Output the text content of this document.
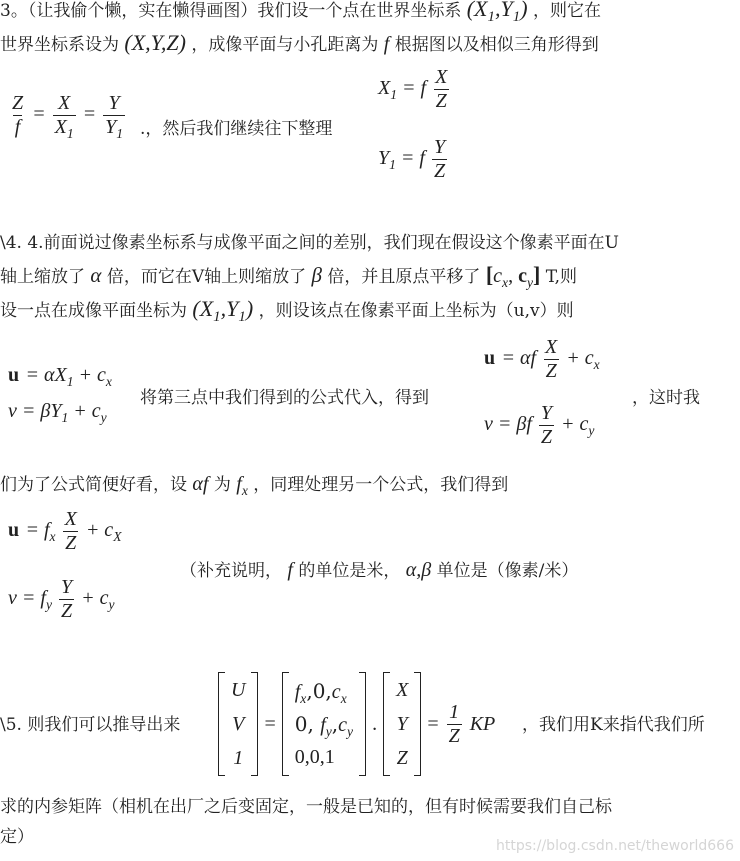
3。（让我偷个懒，实在懒得画图）我们设一个点在世界坐标系 $(X_1,Y_1)$ ，则它在
世界坐标系设为 (X,Y,Z) ，成像平面与小孔距离为 f 根据图以及相似三角形得到
$\frac{Z}{f} = \frac{X}{X_1} = \frac{Y}{Y_1}$ .，然后我们继续往下整理
$X_1 = f \frac{X}{Z}$
$Y_1 = f \frac{Y}{Z}$
\4. 4.前面说过像素坐标系与成像平面之间的差别，我们现在假设这个像素平面在U
轴上缩放了 α 倍，而它在V轴上则缩放了 β 倍，并且原点平移了 [$c_x$, $c_y$] T,则
设一点在成像平面坐标为 $(X_1,Y_1)$ ，则设该点在像素平面上坐标为（u,v）则
$u = \alpha X_1 + c_x$
$v = \beta Y_1 + c_y$
将第三点中我们得到的公式代入，得到
u = αf $\frac{X}{Z} + c_x$
v = βf $\frac{Y}{Z} + c_y$
，这时我
们为了公式简便好看，设 αf 为 $f_x$ ，同理处理另一个公式，我们得到
$u = f_x \frac{X}{Z} + c_X$
$v = f_y \frac{Y}{Z} + c_y$
（补充说明， f 的单位是米， α,β 单位是（像素/米）
\5. 则我们可以推导出来
U
V
1
=
$f_x,0,c_x$
0, $f_y,c_y$
0,0,1
.
X
Y
Z
= $\frac{1}{Z}$ KP ，我们用K来指代我们所
求的内参矩阵（相机在出厂之后变固定，一般是已知的，但有时候需要我们自己标
定）	https://blog.csdn.net/theworld666
